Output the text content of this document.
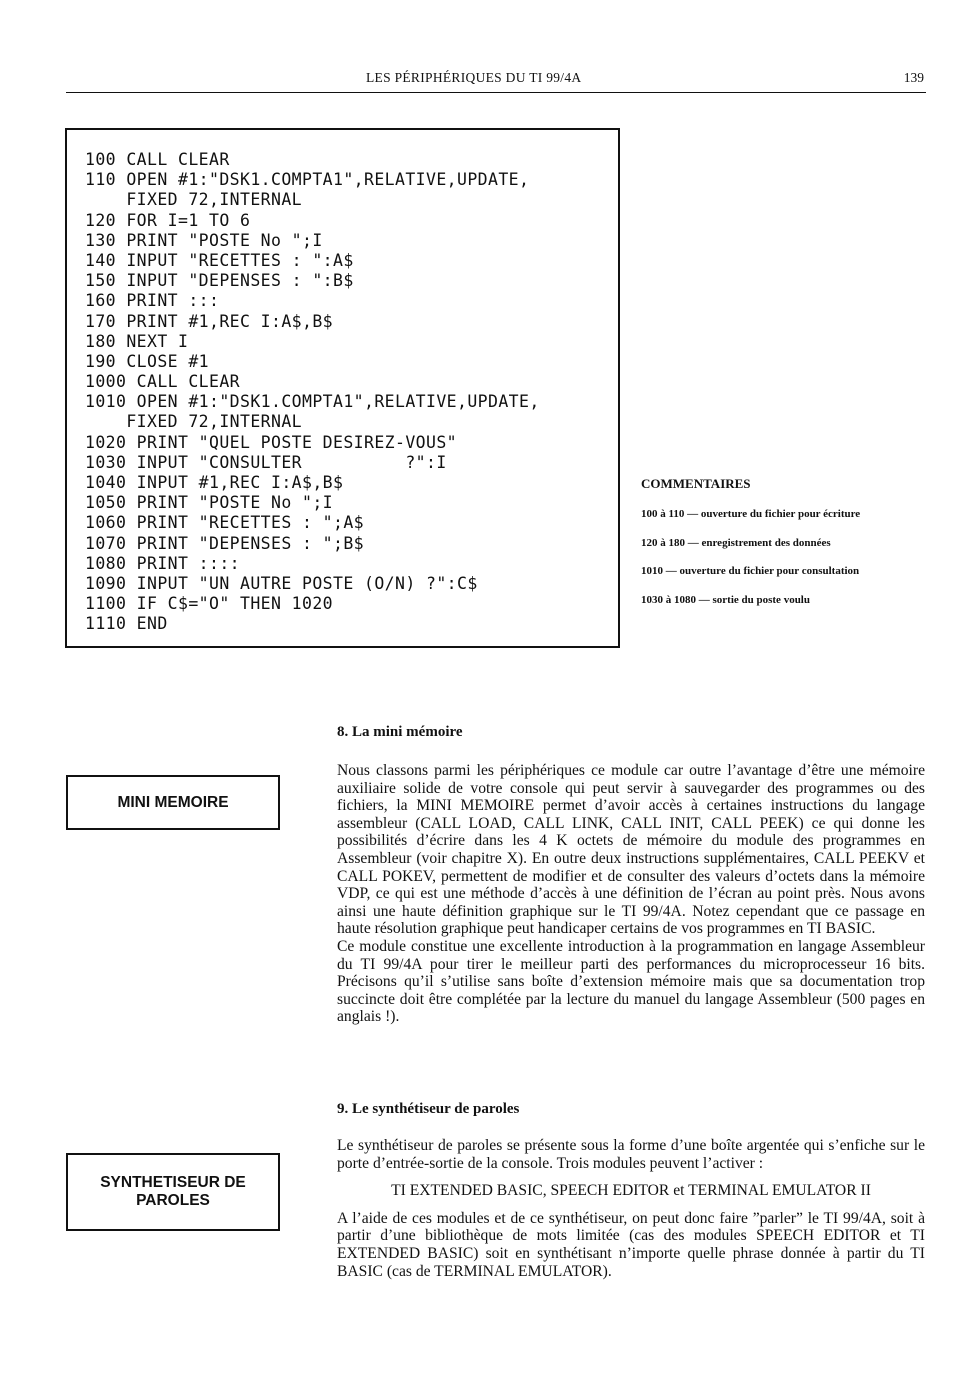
LES PÉRIPHÉRIQUES DU TI 99/4A	139
100 CALL CLEAR
110 OPEN #1:"DSK1.COMPTA1",RELATIVE,UPDATE,
FIXED 72,INTERNAL
120 FOR I=1 TO 6
130 PRINT "POSTE No ";I
140 INPUT "RECETTES : ":A$
150 INPUT "DEPENSES : ":B$
160 PRINT :::
170 PRINT #1,REC I:A$,B$
180 NEXT I
190 CLOSE #1
1000 CALL CLEAR
1010 OPEN #1:"DSK1.COMPTA1",RELATIVE,UPDATE,
FIXED 72,INTERNAL
1020 PRINT "QUEL POSTE DESIREZ-VOUS"
1030 INPUT "CONSULTER          ?":I
1040 INPUT #1,REC I:A$,B$
1050 PRINT "POSTE No ";I
1060 PRINT "RECETTES : ";A$
1070 PRINT "DEPENSES : ";B$
1080 PRINT ::::
1090 INPUT "UN AUTRE POSTE (O/N) ?":C$
1100 IF C$="O" THEN 1020
1110 END
COMMENTAIRES
100 à 110 — ouverture du fichier pour écriture
120 à 180 — enregistrement des données
1010 — ouverture du fichier pour consultation
1030 à 1080 — sortie du poste voulu
MINI MEMOIRE
SYNTHETISEUR DE
PAROLES
8. La mini mémoire

Nous classons parmi les périphériques ce module car outre l’avantage d’être une mémoire auxiliaire solide de votre console qui peut servir à sauvegarder des programmes ou des fichiers, la MINI MEMOIRE permet d’avoir accès à certaines instructions du langage assembleur (CALL LOAD, CALL LINK, CALL INIT, CALL PEEK) ce qui donne les possibilités d’écrire dans les 4 K octets de mémoire du module des programmes en Assembleur (voir chapitre X). En outre deux instructions supplémentaires, CALL PEEKV et CALL POKEV, permettent de modifier et de consulter des valeurs d’octets dans la mémoire VDP, ce qui est une méthode d’accès à une définition de l’écran au point près. Nous avons ainsi une haute définition graphique sur le TI 99/4A. Notez cependant que ce passage en haute résolution graphique peut handicaper certains de vos programmes en TI BASIC.

Ce module constitue une excellente introduction à la programmation en langage Assembleur du TI 99/4A pour tirer le meilleur parti des performances du microprocesseur 16 bits. Précisons qu’il s’utilise sans boîte d’extension mémoire mais que sa documentation trop succincte doit être complétée par la lecture du manuel du langage Assembleur (500 pages en anglais !).

9. Le synthétiseur de paroles

Le synthétiseur de paroles se présente sous la forme d’une boîte argentée qui s’enfiche sur le porte d’entrée-sortie de la console. Trois modules peuvent l’activer :

TI EXTENDED BASIC, SPEECH EDITOR et TERMINAL EMULATOR II

A l’aide de ces modules et de ce synthétiseur, on peut donc faire ”parler” le TI 99/4A, soit à partir d’une bibliothèque de mots limitée (cas des modules SPEECH EDITOR et TI EXTENDED BASIC) soit en synthétisant n’importe quelle phrase donnée à partir du TI BASIC (cas de TERMINAL EMULATOR).
